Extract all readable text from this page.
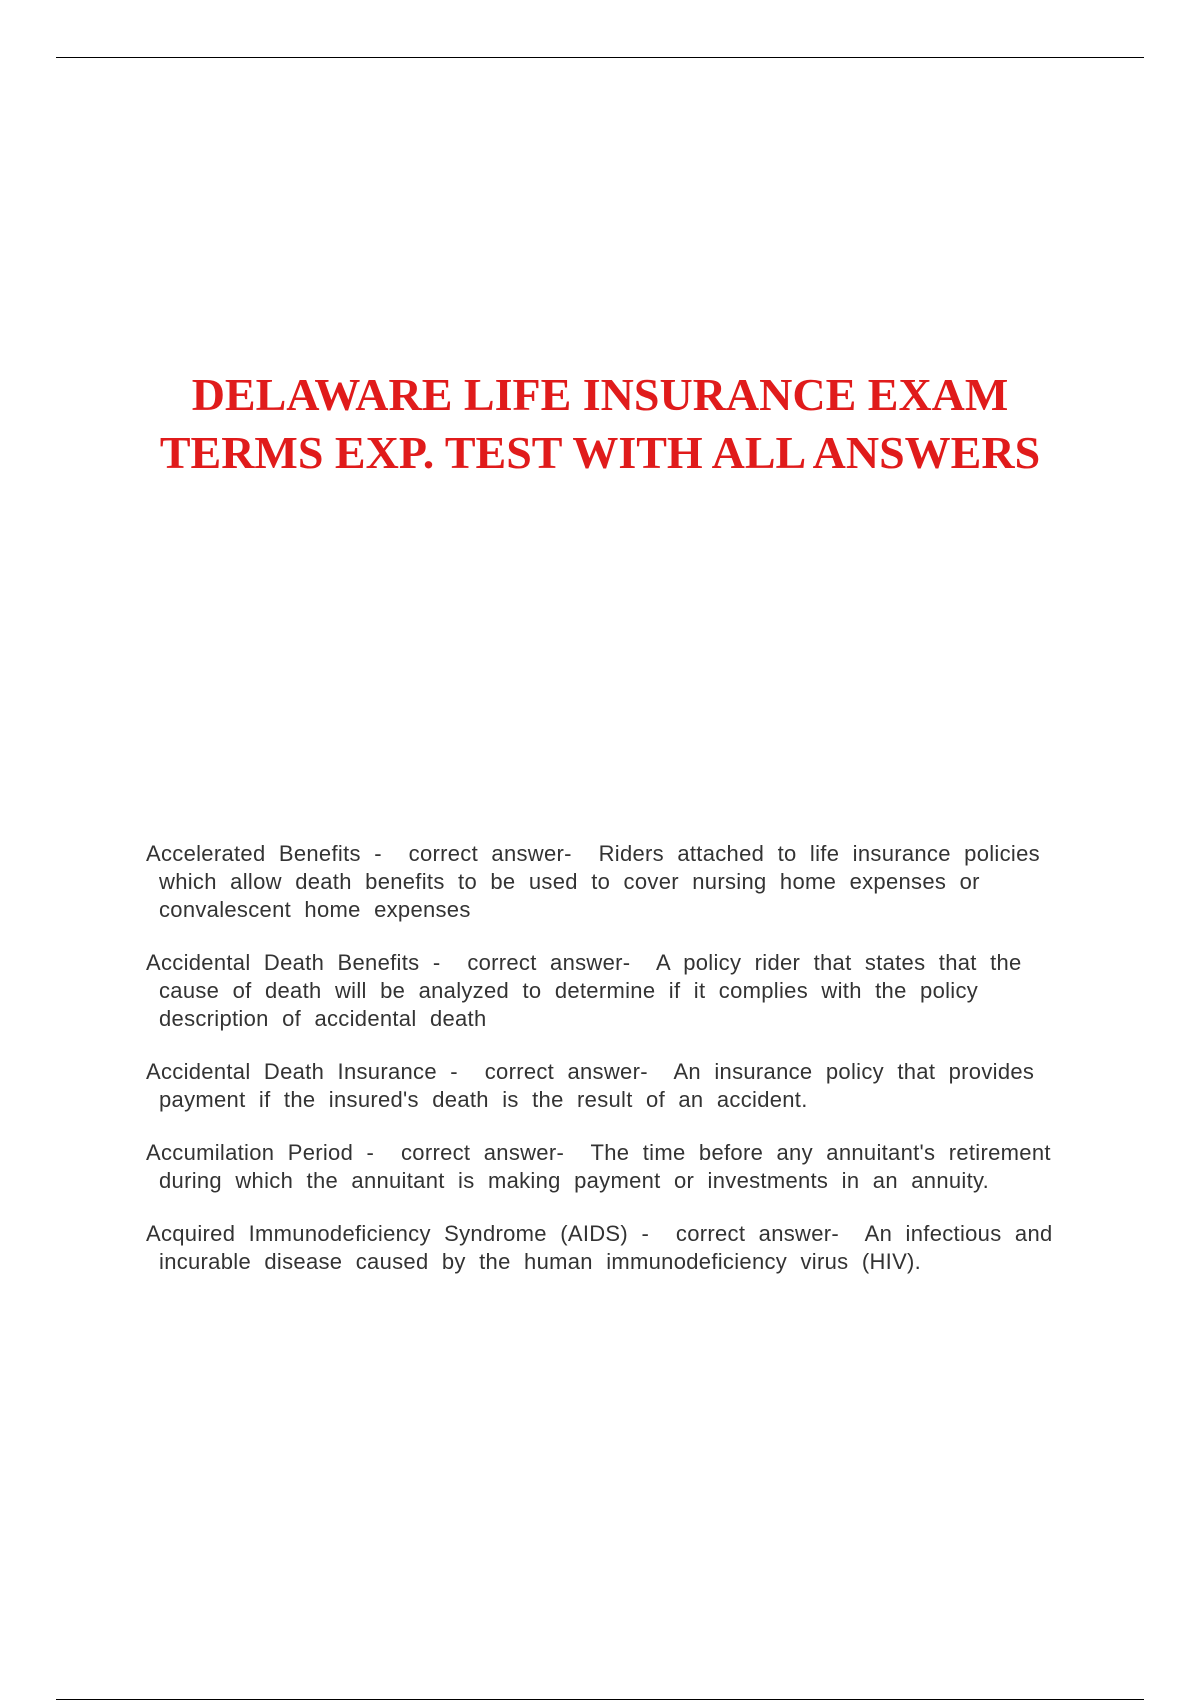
DELAWARE LIFE INSURANCE EXAM
TERMS EXP. TEST WITH ALL ANSWERS

Accelerated Benefits -  correct answer- Riders attached to life insurance policies which allow death benefits to be used to cover nursing home expenses or convalescent home expenses

Accidental Death Benefits -  correct answer- A policy rider that states that the cause of death will be analyzed to determine if it complies with the policy description of accidental death

Accidental Death Insurance -  correct answer- An insurance policy that provides payment if the insured's death is the result of an accident.

Accumilation Period -  correct answer- The time before any annuitant's retirement during which the annuitant is making payment or investments in an annuity.

Acquired Immunodeficiency Syndrome (AIDS) -  correct answer- An infectious and incurable disease caused by the human immunodeficiency virus (HIV).
